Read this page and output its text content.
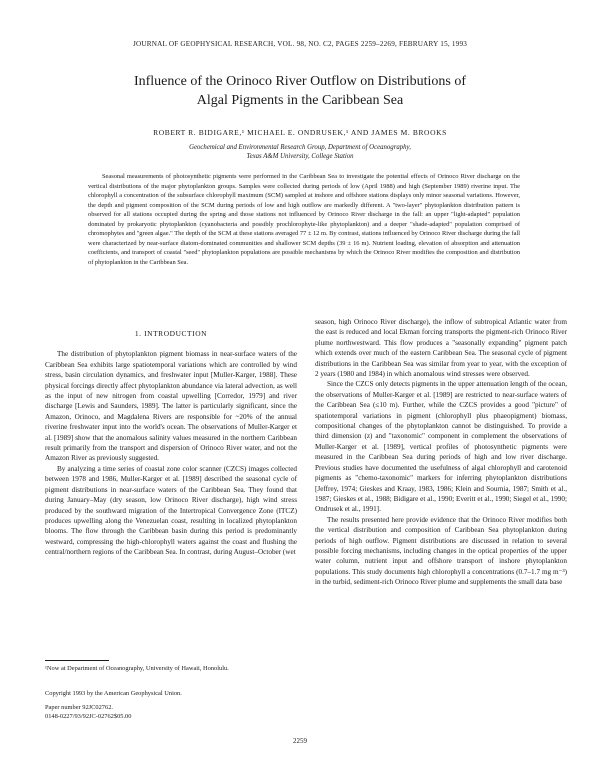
JOURNAL OF GEOPHYSICAL RESEARCH, VOL. 98, NO. C2, PAGES 2259–2269, FEBRUARY 15, 1993
Influence of the Orinoco River Outflow on Distributions of
Algal Pigments in the Caribbean Sea
ROBERT R. BIDIGARE,¹ MICHAEL E. ONDRUSEK,¹ AND JAMES M. BROOKS
Geochemical and Environmental Research Group, Department of Oceanography,
Texas A&M University, College Station

Seasonal measurements of photosynthetic pigments were performed in the Caribbean Sea to investigate the potential effects of Orinoco River discharge on the vertical distributions of the major phytoplankton groups. Samples were collected during periods of low (April 1988) and high (September 1989) riverine input. The chlorophyll a concentration of the subsurface chlorophyll maximum (SCM) sampled at inshore and offshore stations displays only minor seasonal variations. However, the depth and pigment composition of the SCM during periods of low and high outflow are markedly different. A "two-layer" phytoplankton distribution pattern is observed for all stations occupied during the spring and those stations not influenced by Orinoco River discharge in the fall: an upper "light-adapted" population dominated by prokaryotic phytoplankton (cyanobacteria and possibly prochlorophyte-like phytoplankton) and a deeper "shade-adapted" population comprised of chromophytes and "green algae." The depth of the SCM at these stations averaged 77 ± 12 m. By contrast, stations influenced by Orinoco River discharge during the fall were characterized by near-surface diatom-dominated communities and shallower SCM depths (39 ± 16 m). Nutrient loading, elevation of absorption and attenuation coefficients, and transport of coastal "seed" phytoplankton populations are possible mechanisms by which the Orinoco River modifies the composition and distribution of phytoplankton in the Caribbean Sea.

1. INTRODUCTION

The distribution of phytoplankton pigment biomass in near-surface waters of the Caribbean Sea exhibits large spatiotemporal variations which are controlled by wind stress, basin circulation dynamics, and freshwater input [Muller-Karger, 1988]. These physical forcings directly affect phytoplankton abundance via lateral advection, as well as the input of new nitrogen from coastal upwelling [Corredor, 1979] and river discharge [Lewis and Saunders, 1989]. The latter is particularly significant, since the Amazon, Orinoco, and Magdalena Rivers are responsible for ~20% of the annual riverine freshwater input into the world's ocean. The observations of Muller-Karger et al. [1989] show that the anomalous salinity values measured in the northern Caribbean result primarily from the transport and dispersion of Orinoco River water, and not the Amazon River as previously suggested.

By analyzing a time series of coastal zone color scanner (CZCS) images collected between 1978 and 1986, Muller-Karger et al. [1989] described the seasonal cycle of pigment distributions in near-surface waters of the Caribbean Sea. They found that during January–May (dry season, low Orinoco River discharge), high wind stress produced by the southward migration of the Intertropical Convergence Zone (ITCZ) produces upwelling along the Venezuelan coast, resulting in localized phytoplankton blooms. The flow through the Caribbean basin during this period is predominantly westward, compressing the high-chlorophyll waters against the coast and flushing the central/northern regions of the Caribbean Sea. In contrast, during August–October (wet

season, high Orinoco River discharge), the inflow of subtropical Atlantic water from the east is reduced and local Ekman forcing transports the pigment-rich Orinoco River plume northwestward. This flow produces a "seasonally expanding" pigment patch which extends over much of the eastern Caribbean Sea. The seasonal cycle of pigment distributions in the Caribbean Sea was similar from year to year, with the exception of 2 years (1980 and 1984) in which anomalous wind stresses were observed.

Since the CZCS only detects pigments in the upper attenuation length of the ocean, the observations of Muller-Karger et al. [1989] are restricted to near-surface waters of the Caribbean Sea (≤10 m). Further, while the CZCS provides a good "picture" of spatiotemporal variations in pigment (chlorophyll plus phaeopigment) biomass, compositional changes of the phytoplankton cannot be distinguished. To provide a third dimension (z) and "taxonomic" component in complement the observations of Muller-Karger et al. [1989], vertical profiles of photosynthetic pigments were measured in the Caribbean Sea during periods of high and low river discharge. Previous studies have documented the usefulness of algal chlorophyll and carotenoid pigments as "chemo-taxonomic" markers for inferring phytoplankton distributions [Jeffrey, 1974; Gieskes and Kraay, 1983, 1986; Klein and Sournia, 1987; Smith et al., 1987; Gieskes et al., 1988; Bidigare et al., 1990; Everitt et al., 1990; Siegel et al., 1990; Ondrusek et al., 1991].

The results presented here provide evidence that the Orinoco River modifies both the vertical distribution and composition of Caribbean Sea phytoplankton during periods of high outflow. Pigment distributions are discussed in relation to several possible forcing mechanisms, including changes in the optical properties of the upper water column, nutrient input and offshore transport of inshore phytoplankton populations. This study documents high chlorophyll a concentrations (0.7–1.7 mg m⁻³) in the turbid, sediment-rich Orinoco River plume and supplements the small data base

¹Now at Department of Oceanography, University of Hawaii, Honolulu.

Copyright 1993 by the American Geophysical Union.
Paper number 92JC02762.
0148-0227/93/92JC-02762$05.00
2259
